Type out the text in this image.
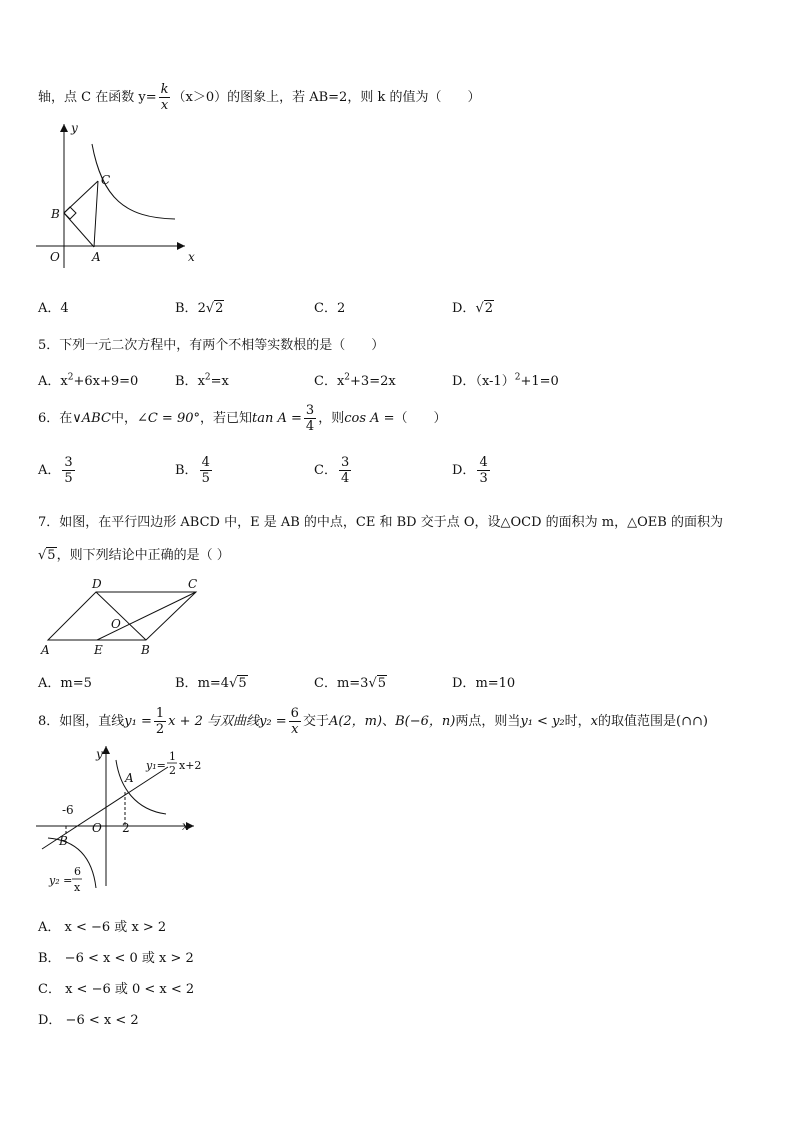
轴，点 C 在函数 $y= \frac{k}{x} (x>0)$的图象上，若 AB=2，则 k 的值为（　　）
y
x
O	A
B
C
A．4	B．2√2	C．2	D．√2
5．下列一元二次方程中，有两个不相等实数根的是（　　）
A．$x^2+6x+9=0$	B．$x^2=x$	C．$x^2+3=2x$	D．$(x-1)^2+1=0$
6．在∨ABC中，∠C = 90°，若已知$\tan A = \frac{3}{4}$ ，则cos A =（　　）
A． $\frac{3}{5}$	B． $\frac{4}{5}$	C． $\frac{3}{4}$	D． $\frac{4}{3}$
7．如图，在平行四边形 ABCD 中，E 是 AB 的中点，CE 和 BD 交于点 O，设△OCD 的面积为 m，△OEB 的面积为
√5，则下列结论中正确的是（ ）
A	B
C
D
E
O
A．m=5	B．m=4√5	C．m=3√5	D．m=10
8．如图，直线$y_1 = \frac{1}{2}$ x + 2 与双曲线$y_2 = \frac{6}{x}$ 交于A(2，m)、B(−6，n)两点，则当y₁ < y₂时，x的取值范围是(∩∩)
y
x
O
A
B
-6
2
y₁=
1
2 x+2
y₂ =
6
x
A． x < −6 或 x > 2
B． −6 < x < 0 或 x > 2
C． x < −6 或 0 < x < 2
D． −6 < x < 2
